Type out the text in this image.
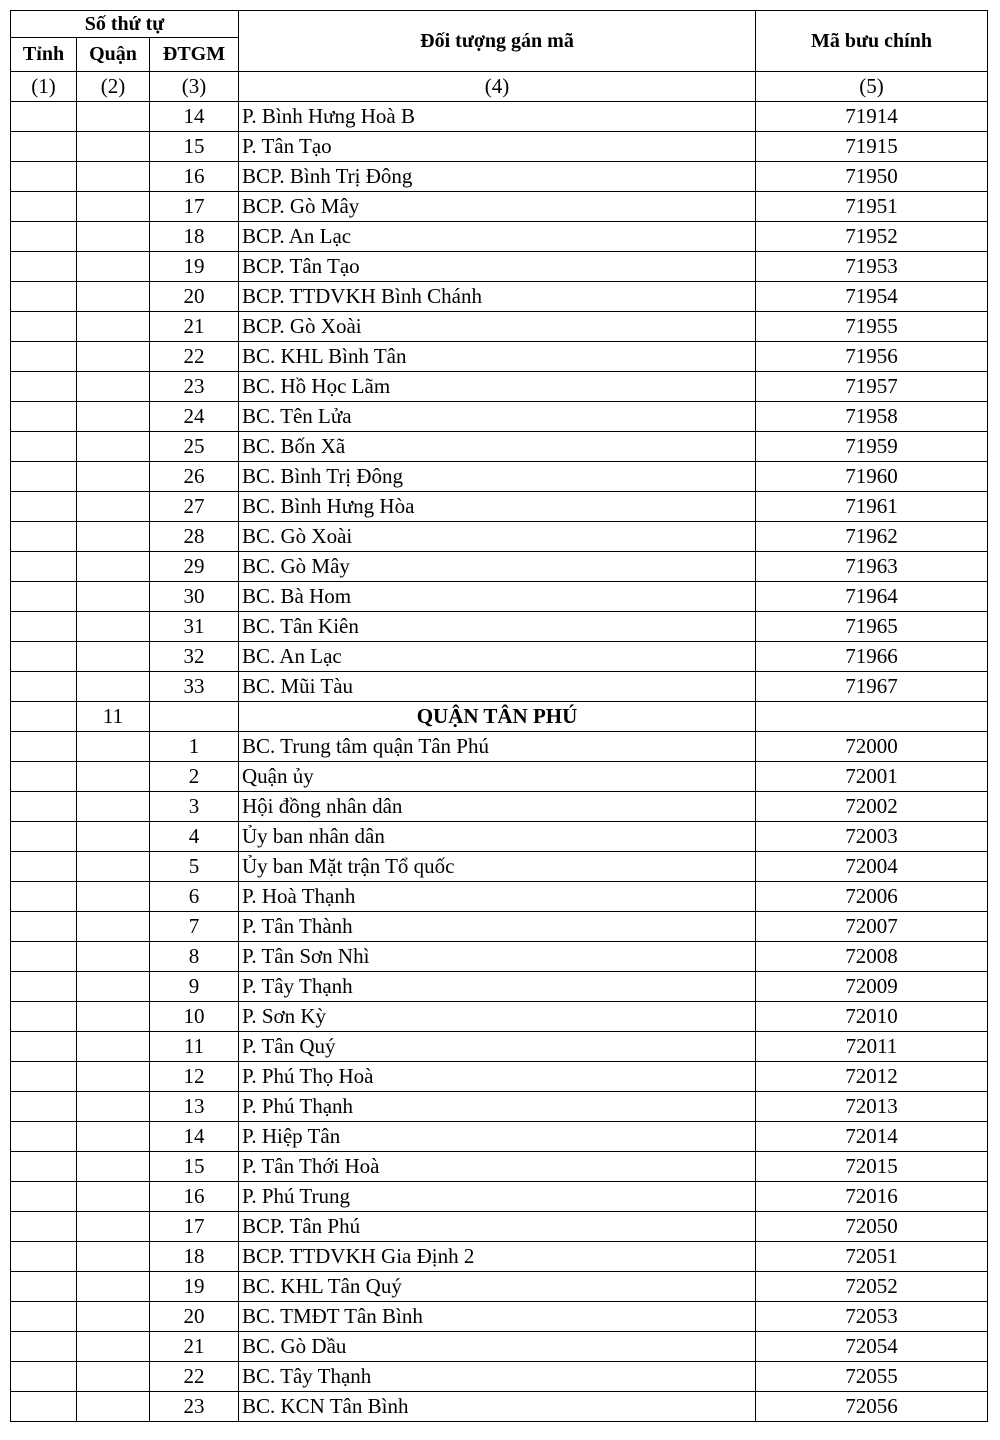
Số thứ tự			Đối tượng gán mã	Mã bưu chính
Tỉnh	Quận	ĐTGM		
(1)	(2)	(3)	(4)	(5)
		14	P. Bình Hưng Hoà B	71914
		15	P. Tân Tạo	71915
		16	BCP. Bình Trị Đông	71950
		17	BCP. Gò Mây	71951
		18	BCP. An Lạc	71952
		19	BCP. Tân Tạo	71953
		20	BCP. TTDVKH Bình Chánh	71954
		21	BCP. Gò Xoài	71955
		22	BC. KHL Bình Tân	71956
		23	BC. Hồ Học Lãm	71957
		24	BC. Tên Lửa	71958
		25	BC. Bốn Xã	71959
		26	BC. Bình Trị Đông	71960
		27	BC. Bình Hưng Hòa	71961
		28	BC. Gò Xoài	71962
		29	BC. Gò Mây	71963
		30	BC. Bà Hom	71964
		31	BC. Tân Kiên	71965
		32	BC. An Lạc	71966
		33	BC. Mũi Tàu	71967
	11		QUẬN TÂN PHÚ	
		1	BC. Trung tâm quận Tân Phú	72000
		2	Quận ủy	72001
		3	Hội đồng nhân dân	72002
		4	Ủy ban nhân dân	72003
		5	Ủy ban Mặt trận Tổ quốc	72004
		6	P. Hoà Thạnh	72006
		7	P. Tân Thành	72007
		8	P. Tân Sơn Nhì	72008
		9	P. Tây Thạnh	72009
		10	P. Sơn Kỳ	72010
		11	P. Tân Quý	72011
		12	P. Phú Thọ Hoà	72012
		13	P. Phú Thạnh	72013
		14	P. Hiệp Tân	72014
		15	P. Tân Thới Hoà	72015
		16	P. Phú Trung	72016
		17	BCP. Tân Phú	72050
		18	BCP. TTDVKH Gia Định 2	72051
		19	BC. KHL Tân Quý	72052
		20	BC. TMĐT Tân Bình	72053
		21	BC. Gò Dầu	72054
		22	BC. Tây Thạnh	72055
		23	BC. KCN Tân Bình	72056
